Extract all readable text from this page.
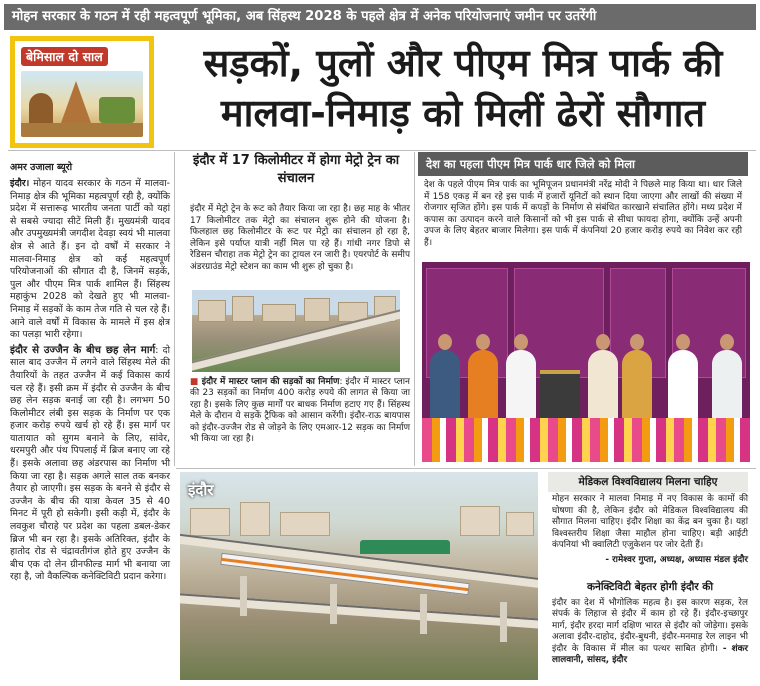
मोहन सरकार के गठन में रही महत्वपूर्ण भूमिका, अब सिंहस्थ 2028 के पहले क्षेत्र में अनेक परियोजनाएं जमीन पर उतरेंगी
बेमिसाल दो साल	सड़कों, पुलों और पीएम मित्र पार्क की
मालवा-निमाड़ को मिलीं ढेरों सौगात
अमर उजाला ब्यूरो

इंदौर। मोहन यादव सरकार के गठन में मालवा-निमाड़ क्षेत्र की भूमिका महत्वपूर्ण रही है, क्योंकि प्रदेश में सत्तारूढ़ भारतीय जनता पार्टी को यहां से सबसे ज्यादा सीटें मिली हैं। मुख्यमंत्री यादव और उपमुख्यमंत्री जगदीश देवड़ा स्वयं भी मालवा क्षेत्र से आते हैं। इन दो वर्षों में सरकार ने मालवा-निमाड़ क्षेत्र को कई महत्वपूर्ण परियोजनाओं की सौगात दी है, जिनमें सड़कें, पुल और पीएम मित्र पार्क शामिल हैं। सिंहस्थ महाकुंभ 2028 को देखते हुए भी मालवा-निमाड़ में सड़कों के काम तेज गति से चल रहे हैं। आने वाले वर्षों में विकास के मामले में इस क्षेत्र का पलड़ा भारी रहेगा।

इंदौर से उज्जैन के बीच छह लेन मार्ग: दो साल बाद उज्जैन में लगने वाले सिंहस्थ मेले की तैयारियों के तहत उज्जैन में कई विकास कार्य चल रहे हैं। इसी क्रम में इंदौर से उज्जैन के बीच छह लेन सड़क बनाई जा रही है। लगभग 50 किलोमीटर लंबी इस सड़क के निर्माण पर एक हजार करोड़ रुपये खर्च हो रहे हैं। इस मार्ग पर यातायात को सुगम बनाने के लिए, सांवेर, धरमपुरी और पंथ पिपलाई में ब्रिज बनाए जा रहे हैं। इसके अलावा छह अंडरपास का निर्माण भी किया जा रहा है। सड़क अगले साल तक बनकर तैयार हो जाएगी। इस सड़क के बनने से इंदौर से उज्जैन के बीच की यात्रा केवल 35 से 40 मिनट में पूरी हो सकेगी। इसी कड़ी में, इंदौर के लवकुश चौराहे पर प्रदेश का पहला डबल-डेकर ब्रिज भी बन रहा है। इसके अतिरिक्त, इंदौर के हातोद रोड से चंद्रावतीगंज होते हुए उज्जैन के बीच एक दो लेन ग्रीनफील्ड मार्ग भी बनाया जा रहा है, जो वैकल्पिक कनेक्टिविटी प्रदान करेगा।

इंदौर में 17 किलोमीटर में होगा मेट्रो ट्रेन का संचालन
इंदौर में मेट्रो ट्रेन के रूट को तैयार किया जा रहा है। छह माह के भीतर 17 किलोमीटर तक मेट्रो का संचालन शुरू होने की योजना है। फिलहाल छह किलोमीटर के रूट पर मेट्रो का संचालन हो रहा है, लेकिन इसे पर्याप्त यात्री नहीं मिल पा रहे हैं। गांधी नगर डिपो से रेडिसन चौराहा तक मेट्रो ट्रेन का ट्रायल रन जारी है। एयरपोर्ट के समीप अंडरग्राउंड मेट्रो स्टेशन का काम भी शुरू हो चुका है।
■ इंदौर में मास्टर प्लान की सड़कों का निर्माण: इंदौर में मास्टर प्लान की 23 सड़कों का निर्माण 400 करोड़ रुपये की लागत से किया जा रहा है। इसके लिए कुछ मार्गों पर बाधक निर्माण हटाए गए हैं। सिंहस्थ मेले के दौरान ये सड़कें ट्रैफिक को आसान करेंगी। इंदौर-राऊ बायपास को इंदौर-उज्जैन रोड से जोड़ने के लिए एमआर-12 सड़क का निर्माण भी किया जा रहा है।
देश का पहला पीएम मित्र पार्क धार जिले को मिला
देश के पहले पीएम मित्र पार्क का भूमिपूजन प्रधानमंत्री नरेंद्र मोदी ने पिछले माह किया था। धार जिले में 158 एकड़ में बन रहे इस पार्क में हजारों यूनिटों को स्थान दिया जाएगा और लाखों की संख्या में रोजगार सृजित होंगे। इस पार्क में कपड़ों के निर्माण से संबंधित कारखाने संचालित होंगे। मध्य प्रदेश में कपास का उत्पादन करने वाले किसानों को भी इस पार्क से सीधा फायदा होगा, क्योंकि उन्हें अपनी उपज के लिए बेहतर बाजार मिलेगा। इस पार्क में कंपनियां 20 हजार करोड़ रुपये का निवेश कर रही हैं।

इंदौर	मेडिकल विश्वविद्यालय मिलना चाहिए
मोहन सरकार ने मालवा निमाड़ में नए विकास के कामों की घोषणा की है, लेकिन इंदौर को मेडिकल विश्वविद्यालय की सौगात मिलना चाहिए। इंदौर शिक्षा का केंद्र बन चुका है। यहां विश्वस्तरीय शिक्षा जैसा माहौल होना चाहिए। बड़ी आईटी कंपनियां भी क्वालिटी एजुकेशन पर जोर देती हैं।
- रामेश्वर गुप्ता, अध्यक्ष, अध्यास मंडल इंदौर
कनेक्टिविटी बेहतर होगी इंदौर की
इंदौर का देश में भौगोलिक महत्व है। इस कारण सड़क, रेल संपर्क के लिहाज से इंदौर में काम हो रहे हैं। इंदौर-इच्छापुर मार्ग, इंदौर हरदा मार्ग दक्षिण भारत से इंदौर को जोड़ेगा। इसके अलावा इंदौर-दाहोद, इंदौर-बुधनी, इंदौर-मनमाड़ रेल लाइन भी इंदौर के विकास में मील का पत्थर साबित होगी। - शंकर लालवानी, सांसद, इंदौर
